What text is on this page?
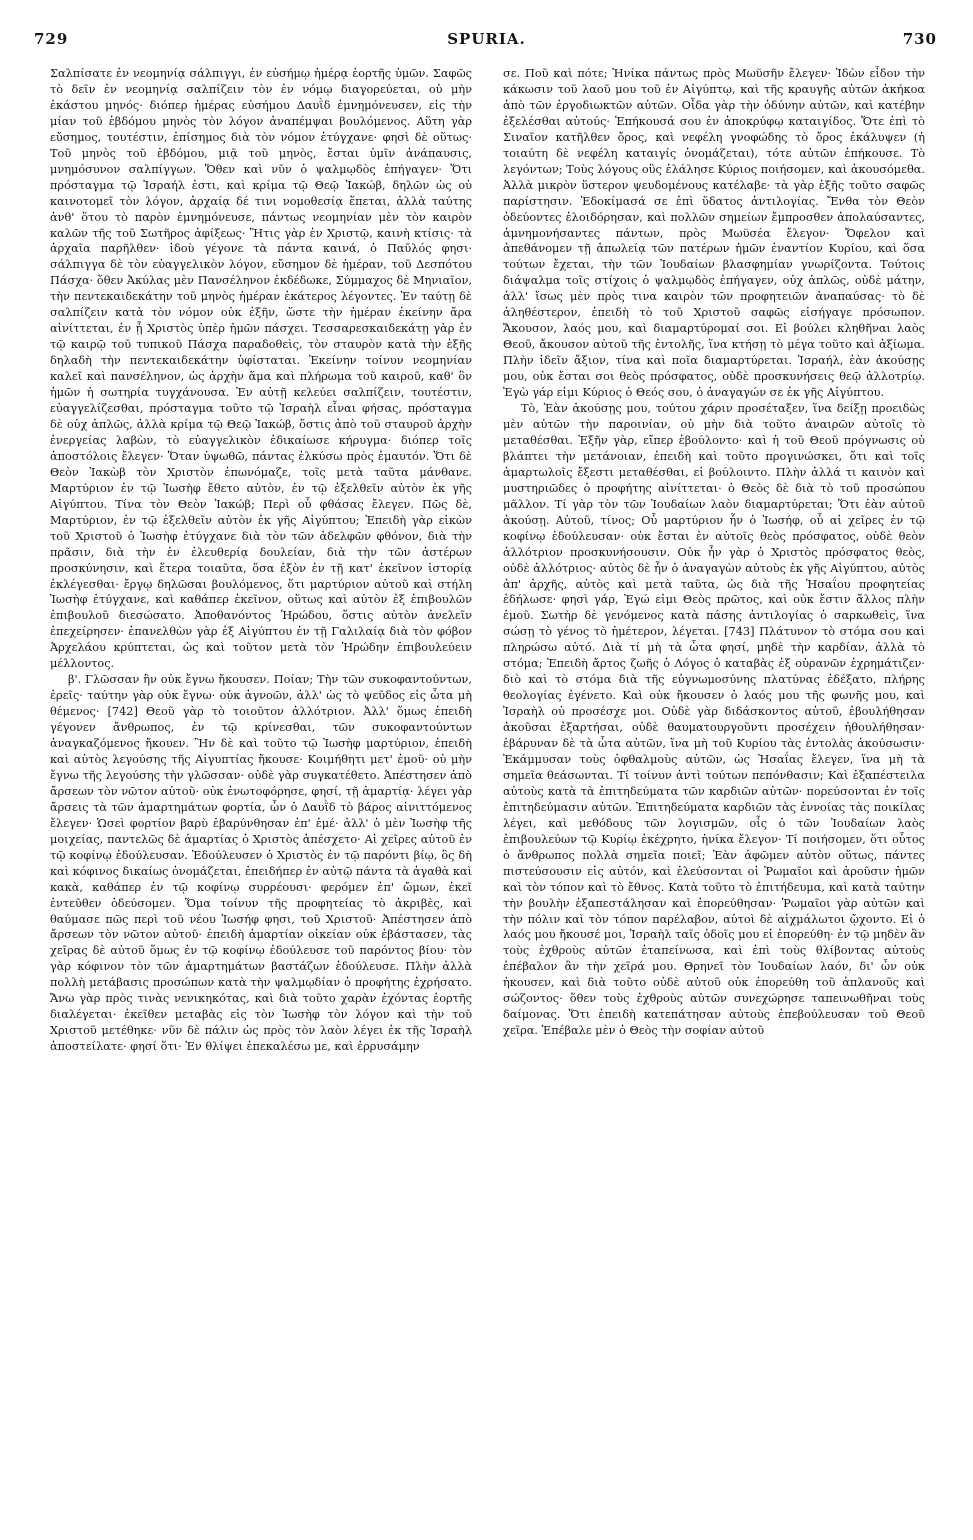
729	SPURIA.	730

Σαλπίσατε ἐν νεομηνίᾳ σάλπιγγι, ἐν εὐσήμῳ ἡμέρᾳ ἑορτῆς ὑμῶν. Σαφῶς τὸ δεῖν ἐν νεομηνίᾳ σαλπίζειν τὸν ἐν νόμῳ διαγορεύεται, οὐ μὴν ἑκάστου μηνός· διόπερ ἡμέρας εὐσήμου Δαυῒδ ἐμνημόνευσεν, εἰς τὴν μίαν τοῦ ἑβδόμου μηνὸς τὸν λόγον ἀναπέμψαι βουλόμενος. Αὕτη γὰρ εὔσημος, τουτέστιν, ἐπίσημος διὰ τὸν νόμον ἐτύγχανε· φησὶ δὲ οὕτως· Τοῦ μηνὸς τοῦ ἑβδόμου, μιᾷ τοῦ μηνὸς, ἔσται ὑμῖν ἀνάπαυσις, μνημόσυνον σαλπίγγων. Ὅθεν καὶ νῦν ὁ ψαλμῳδὸς ἐπήγαγεν· Ὅτι πρόσταγμα τῷ Ἰσραήλ ἐστι, καὶ κρίμα τῷ Θεῷ Ἰακώβ, δηλῶν ὡς οὐ καινοτομεῖ τὸν λόγον, ἀρχαίᾳ δέ τινι νομοθεσίᾳ ἕπεται, ἀλλὰ ταύτης ἀνθ' ὅτου τὸ παρὸν ἐμνημόνευσε, πάντως νεομηνίαν μὲν τὸν καιρὸν καλῶν τῆς τοῦ Σωτῆρος ἀφίξεως· Ἥτις γὰρ ἐν Χριστῷ, καινὴ κτίσις· τὰ ἀρχαῖα παρῆλθεν· ἰδοὺ γέγονε τὰ πάντα καινά, ὁ Παῦλός φησι· σάλπιγγα δὲ τὸν εὐαγγελικὸν λόγον, εὔσημον δὲ ἡμέραν, τοῦ Δεσπότου Πάσχα· ὅθεν Ἀκύλας μὲν Πανσέληνον ἐκδέδωκε, Σύμμαχος δὲ Μηνιαῖον, τὴν πεντεκαιδεκάτην τοῦ μηνὸς ἡμέραν ἑκάτερος λέγοντες. Ἐν ταύτῃ δὲ σαλπίζειν κατὰ τὸν νόμον οὐκ ἐξῆν, ὥστε τὴν ἡμέραν ἐκείνην ἄρα αἰνίττεται, ἐν ᾗ Χριστὸς ὑπὲρ ἡμῶν πάσχει. Τεσσαρεσκαιδεκάτῃ γὰρ ἐν τῷ καιρῷ τοῦ τυπικοῦ Πάσχα παραδοθεὶς, τὸν σταυρὸν κατὰ τὴν ἑξῆς δηλαδὴ τὴν πεντεκαιδεκάτην ὑφίσταται. Ἐκείνην τοίνυν νεομηνίαν καλεῖ καὶ πανσέληνον, ὡς ἀρχὴν ἅμα καὶ πλήρωμα τοῦ καιροῦ, καθ' ὃν ἡμῶν ἡ σωτηρία τυγχάνουσα. Ἐν αὐτῇ κελεύει σαλπίζειν, τουτέστιν, εὐαγγελίζεσθαι, πρόσταγμα τοῦτο τῷ Ἰσραὴλ εἶναι φήσας, πρόσταγμα δὲ οὐχ ἁπλῶς, ἀλλὰ κρίμα τῷ Θεῷ Ἰακώβ, ὅστις ἀπὸ τοῦ σταυροῦ ἀρχὴν ἐνεργείας λαβὼν, τὸ εὐαγγελικὸν ἐδικαίωσε κήρυγμα· διόπερ τοῖς ἀποστόλοις ἔλεγεν· Ὅταν ὑψωθῶ, πάντας ἑλκύσω πρὸς ἐμαυτόν. Ὅτι δὲ Θεὸν Ἰακὼβ τὸν Χριστὸν ἐπωνόμαζε, τοῖς μετὰ ταῦτα μάνθανε. Μαρτύριον ἐν τῷ Ἰωσὴφ ἔθετο αὐτὸν, ἐν τῷ ἐξελθεῖν αὐτὸν ἐκ γῆς Αἰγύπτου. Τίνα τὸν Θεὸν Ἰακώβ; Περὶ οὗ φθάσας ἔλεγεν. Πῶς δὲ, Μαρτύριον, ἐν τῷ ἐξελθεῖν αὐτὸν ἐκ γῆς Αἰγύπτου; Ἐπειδὴ γὰρ εἰκὼν τοῦ Χριστοῦ ὁ Ἰωσὴφ ἐτύγχανε διὰ τὸν τῶν ἀδελφῶν φθόνον, διὰ τὴν πρᾶσιν, διὰ τὴν ἐν ἐλευθερίᾳ δουλείαν, διὰ τὴν τῶν ἀστέρων προσκύνησιν, καὶ ἕτερα τοιαῦτα, ὅσα ἐξὸν ἐν τῇ κατ' ἐκεῖνον ἱστορίᾳ ἐκλέγεσθαι· ἔργῳ δηλῶσαι βουλόμενος, ὅτι μαρτύριον αὐτοῦ καὶ στήλη Ἰωσὴφ ἐτύγχανε, καὶ καθάπερ ἐκεῖνον, οὕτως καὶ αὐτὸν ἐξ ἐπιβουλῶν ἐπιβουλοῦ διεσώσατο. Ἀποθανόντος Ἡρώδου, ὅστις αὐτὸν ἀνελεῖν ἐπεχείρησεν· ἐπανελθὼν γὰρ ἐξ Αἰγύπτου ἐν τῇ Γαλιλαίᾳ διὰ τὸν φόβον Ἀρχελάου κρύπτεται, ὡς καὶ τοῦτον μετὰ τὸν Ἡρώδην ἐπιβουλεύειν μέλλοντος.

β'. Γλῶσσαν ἣν οὐκ ἔγνω ἤκουσεν. Ποίαν; Τὴν τῶν συκοφαντούντων, ἐρεῖς· ταύτην γὰρ οὐκ ἔγνω· οὐκ ἀγνοῶν, ἀλλ' ὡς τὸ ψεῦδος εἰς ὦτα μὴ θέμενος· [742] Θεοῦ γὰρ τὸ τοιοῦτον ἀλλότριον. Ἀλλ' ὅμως ἐπειδὴ γέγονεν ἄνθρωπος, ἐν τῷ κρίνεσθαι, τῶν συκοφαντούντων ἀναγκαζόμενος ἤκουεν. Ἢν δὲ καὶ τοῦτο τῷ Ἰωσὴφ μαρτύριον, ἐπειδὴ καὶ αὐτὸς λεγούσης τῆς Αἰγυπτίας ἤκουσε· Κοιμήθητι μετ' ἐμοῦ· οὐ μὴν ἔγνω τῆς λεγούσης τὴν γλῶσσαν· οὐδὲ γὰρ συγκατέθετο. Ἀπέστησεν ἀπὸ ἄρσεων τὸν νῶτον αὐτοῦ· οὐκ ἐνωτοφόρησε, φησί, τῇ ἁμαρτίᾳ· λέγει γὰρ ἄρσεις τὰ τῶν ἁμαρτημάτων φορτία, ὧν ὁ Δαυῒδ τὸ βάρος αἰνιττόμενος ἔλεγεν· Ὡσεὶ φορτίον βαρὺ ἐβαρύνθησαν ἐπ' ἐμέ· ἀλλ' ὁ μὲν Ἰωσὴφ τῆς μοιχείας, παντελῶς δὲ ἁμαρτίας ὁ Χριστὸς ἀπέσχετο· Αἱ χεῖρες αὐτοῦ ἐν τῷ κοφίνῳ ἐδούλευσαν. Ἐδούλευσεν ὁ Χριστὸς ἐν τῷ παρόντι βίῳ, ὃς δὴ καὶ κόφινος δικαίως ὀνομάζεται, ἐπειδήπερ ἐν αὐτῷ πάντα τὰ ἀγαθὰ καὶ κακὰ, καθάπερ ἐν τῷ κοφίνῳ συρρέουσι· φερόμεν ἐπ' ὤμων, ἐκεῖ ἐντεῦθεν ὁδεύσομεν. Ὅμα τοίνυν τῆς προφητείας τὸ ἀκριβὲς, καὶ θαύμασε πῶς περὶ τοῦ νέου Ἰωσήφ φησι, τοῦ Χριστοῦ· Ἀπέστησεν ἀπὸ ἄρσεων τὸν νῶτον αὐτοῦ· ἐπειδὴ ἁμαρτίαν οἰκείαν οὐκ ἐβάστασεν, τὰς χεῖρας δὲ αὐτοῦ ὅμως ἐν τῷ κοφίνῳ ἐδούλευσε τοῦ παρόντος βίου· τὸν γὰρ κόφινον τὸν τῶν ἁμαρτημάτων βαστάζων ἐδούλευσε. Πλὴν ἀλλὰ πολλὴ μετάβασις προσώπων κατὰ τὴν ψαλμῳδίαν ὁ προφήτης ἐχρήσατο. Ἄνω γὰρ πρὸς τινὰς νενικηκότας, καὶ διὰ τοῦτο χαρὰν ἐχόντας ἑορτῆς διαλέγεται· ἐκεῖθεν μεταβὰς εἰς τὸν Ἰωσὴφ τὸν λόγον καὶ τὴν τοῦ Χριστοῦ μετέθηκε· νῦν δὲ πάλιν ὡς πρὸς τὸν λαὸν λέγει ἐκ τῆς Ἰσραὴλ ἀποστείλατε· φησί ὅτι· Ἐν θλίψει ἐπεκαλέσω με, καὶ ἐρρυσάμην

σε. Ποῦ καὶ πότε; Ἡνίκα πάντως πρὸς Μωϋσῆν ἔλεγεν· Ἰδὼν εἶδον τὴν κάκωσιν τοῦ λαοῦ μου τοῦ ἐν Αἰγύπτῳ, καὶ τῆς κραυγῆς αὐτῶν ἀκήκοα ἀπὸ τῶν ἐργοδιωκτῶν αὐτῶν. Οἶδα γὰρ τὴν ὀδύνην αὐτῶν, καὶ κατέβην ἐξελέσθαι αὐτούς· Ἐπήκουσά σου ἐν ἀποκρύφῳ καταιγίδος. Ὅτε ἐπὶ τὸ Σιναῖον κατῆλθεν ὄρος, καὶ νεφέλη γνοφώδης τὸ ὄρος ἐκάλυψεν (ἡ τοιαύτη δὲ νεφέλη καταιγίς ὀνομάζεται), τότε αὐτῶν ἐπήκουσε. Τὸ λεγόντων; Τοὺς λόγους οὓς ἐλάλησε Κύριος ποιήσομεν, καὶ ἀκουσόμεθα. Ἀλλὰ μικρὸν ὕστερον ψευδομένους κατέλαβε· τὰ γὰρ ἑξῆς τοῦτο σαφῶς παρίστησιν. Ἐδοκίμασά σε ἐπὶ ὕδατος ἀντιλογίας. Ἔνθα τὸν Θεὸν ὀδεύοντες ἐλοιδόρησαν, καὶ πολλῶν σημείων ἔμπροσθεν ἀπολαύσαντες, ἀμνημονήσαντες πάντων, πρὸς Μωϋσέα ἔλεγον· Ὄφελον καὶ ἀπεθάνομεν τῇ ἀπωλείᾳ τῶν πατέρων ἡμῶν ἐναντίον Κυρίου, καὶ ὅσα τούτων ἔχεται, τὴν τῶν Ἰουδαίων βλασφημίαν γνωρίζοντα. Τούτοις διάψαλμα τοῖς στίχοις ὁ ψαλμῳδὸς ἐπήγαγεν, οὐχ ἁπλῶς, οὐδὲ μάτην, ἀλλ' ἴσως μὲν πρὸς τινα καιρὸν τῶν προφητειῶν ἀναπαύσας· τὸ δὲ ἀληθέστερον, ἐπειδὴ τὸ τοῦ Χριστοῦ σαφῶς εἰσήγαγε πρόσωπον. Ἄκουσον, λαός μου, καὶ διαμαρτύρομαί σοι. Εἰ βούλει κληθῆναι λαὸς Θεοῦ, ἄκουσον αὐτοῦ τῆς ἐντολῆς, ἵνα κτήσῃ τὸ μέγα τοῦτο καὶ ἀξίωμα. Πλὴν ἰδεῖν ἄξιον, τίνα καὶ ποῖα διαμαρτύρεται. Ἰσραήλ, ἐὰν ἀκούσῃς μου, οὐκ ἔσται σοι θεὸς πρόσφατος, οὐδὲ προσκυνήσεις θεῷ ἀλλοτρίῳ. Ἐγὼ γάρ εἰμι Κύριος ὁ Θεός σου, ὁ ἀναγαγών σε ἐκ γῆς Αἰγύπτου.

Τὸ, Ἐὰν ἀκούσῃς μου, τούτου χάριν προσέταξεν, ἵνα δείξῃ προειδὼς μὲν αὐτῶν τὴν παροινίαν, οὐ μὴν διὰ τοῦτο ἀναιρῶν αὐτοῖς τὸ μεταθέσθαι. Ἐξῆν γὰρ, εἴπερ ἐβούλοντο· καὶ ἡ τοῦ Θεοῦ πρόγνωσις οὐ βλάπτει τὴν μετάνοιαν, ἐπειδὴ καὶ τοῦτο προγινώσκει, ὅτι καὶ τοῖς ἁμαρτωλοῖς ἔξεστι μεταθέσθαι, εἰ βούλοιντο. Πλὴν ἀλλά τι καινὸν καὶ μυστηριῶδες ὁ προφήτης αἰνίττεται· ὁ Θεὸς δὲ διὰ τὸ τοῦ προσώπου μᾶλλον. Τί γὰρ τὸν τῶν Ἰουδαίων λαὸν διαμαρτύρεται; Ὅτι ἐὰν αὐτοῦ ἀκούσῃ. Αὐτοῦ, τίνος; Οὗ μαρτύριον ἦν ὁ Ἰωσήφ, οὗ αἱ χεῖρες ἐν τῷ κοφίνῳ ἐδούλευσαν· οὐκ ἔσται ἐν αὐτοῖς θεὸς πρόσφατος, οὐδὲ θεὸν ἀλλότριον προσκυνήσουσιν. Οὐκ ἦν γὰρ ὁ Χριστὸς πρόσφατος θεὸς, οὐδὲ ἀλλότριος· αὐτὸς δὲ ἦν ὁ ἀναγαγὼν αὐτοὺς ἐκ γῆς Αἰγύπτου, αὐτὸς ἀπ' ἀρχῆς, αὐτὸς καὶ μετὰ ταῦτα, ὡς διὰ τῆς Ἡσαΐου προφητείας ἐδήλωσε· φησὶ γάρ, Ἐγώ εἰμι Θεὸς πρῶτος, καὶ οὐκ ἔστιν ἄλλος πλὴν ἐμοῦ. Σωτὴρ δὲ γενόμενος κατὰ πάσης ἀντιλογίας ὁ σαρκωθεὶς, ἵνα σώσῃ τὸ γένος τὸ ἡμέτερον, λέγεται. [743] Πλάτυνον τὸ στόμα σου καὶ πληρώσω αὐτό. Διὰ τί μὴ τὰ ὦτα φησί, μηδὲ τὴν καρδίαν, ἀλλὰ τὸ στόμα; Ἐπειδὴ ἄρτος ζωῆς ὁ Λόγος ὁ καταβὰς ἐξ οὐρανῶν ἐχρημάτιζεν· διὸ καὶ τὸ στόμα διὰ τῆς εὐγνωμοσύνης πλατύνας ἐδέξατο, πλήρης θεολογίας ἐγένετο. Καὶ οὐκ ἤκουσεν ὁ λαός μου τῆς φωνῆς μου, καὶ Ἰσραὴλ οὐ προσέσχε μοι. Οὐδὲ γὰρ διδάσκοντος αὐτοῦ, ἐβουλήθησαν ἀκοῦσαι ἐξαρτήσαι, οὐδὲ θαυματουργοῦντι προσέχειν ἠθουλήθησαν· ἐβάρυναν δὲ τὰ ὦτα αὐτῶν, ἵνα μὴ τοῦ Κυρίου τὰς ἐντολὰς ἀκούσωσιν· Ἐκάμμυσαν τοὺς ὀφθαλμοὺς αὐτῶν, ὡς Ἡσαΐας ἔλεγεν, ἵνα μὴ τὰ σημεῖα θεάσωνται. Τί τοίνυν ἀντὶ τούτων πεπόνθασιν; Καὶ ἐξαπέστειλα αὐτοὺς κατὰ τὰ ἐπιτηδεύματα τῶν καρδιῶν αὐτῶν· πορεύσονται ἐν τοῖς ἐπιτηδεύμασιν αὐτῶν. Ἐπιτηδεύματα καρδιῶν τὰς ἐννοίας τὰς ποικίλας λέγει, καὶ μεθόδους τῶν λογισμῶν, οἷς ὁ τῶν Ἰουδαίων λαὸς ἐπιβουλεύων τῷ Κυρίῳ ἐκέχρητο, ἡνίκα ἔλεγον· Τί ποιήσομεν, ὅτι οὗτος ὁ ἄνθρωπος πολλὰ σημεῖα ποιεῖ; Ἐὰν ἀφῶμεν αὐτὸν οὕτως, πάντες πιστεύσουσιν εἰς αὐτόν, καὶ ἐλεύσονται οἱ Ῥωμαῖοι καὶ ἀροῦσιν ἡμῶν καὶ τὸν τόπον καὶ τὸ ἔθνος. Κατὰ τοῦτο τὸ ἐπιτήδευμα, καὶ κατὰ ταύτην τὴν βουλὴν ἐξαπεστάλησαν καὶ ἐπορεύθησαν· Ῥωμαῖοι γὰρ αὐτῶν καὶ τὴν πόλιν καὶ τὸν τόπον παρέλαβον, αὐτοὶ δὲ αἰχμάλωτοι ᾤχοντο. Εἰ ὁ λαός μου ἤκουσέ μοι, Ἰσραὴλ ταῖς ὁδοῖς μου εἰ ἐπορεύθη· ἐν τῷ μηδὲν ἂν τοὺς ἐχθροὺς αὐτῶν ἐταπείνωσα, καὶ ἐπὶ τοὺς θλίβοντας αὐτοὺς ἐπέβαλον ἂν τὴν χεῖρά μου. Θρηνεῖ τὸν Ἰουδαίων λαόν, δι' ὧν οὐκ ἠκουσεν, καὶ διὰ τοῦτο οὐδὲ αὐτοῦ οὐκ ἐπορεύθη τοῦ ἀπλανοῦς καὶ σώζοντος· ὅθεν τοὺς ἐχθροὺς αὐτῶν συνεχώρησε ταπεινωθῆναι τοὺς δαίμονας. Ὅτι ἐπειδὴ κατεπάτησαν αὐτοὺς ἐπεβούλευσαν τοῦ Θεοῦ χεῖρα. Ἐπέβαλε μὲν ὁ Θεὸς τὴν σοφίαν αὐτοῦ
